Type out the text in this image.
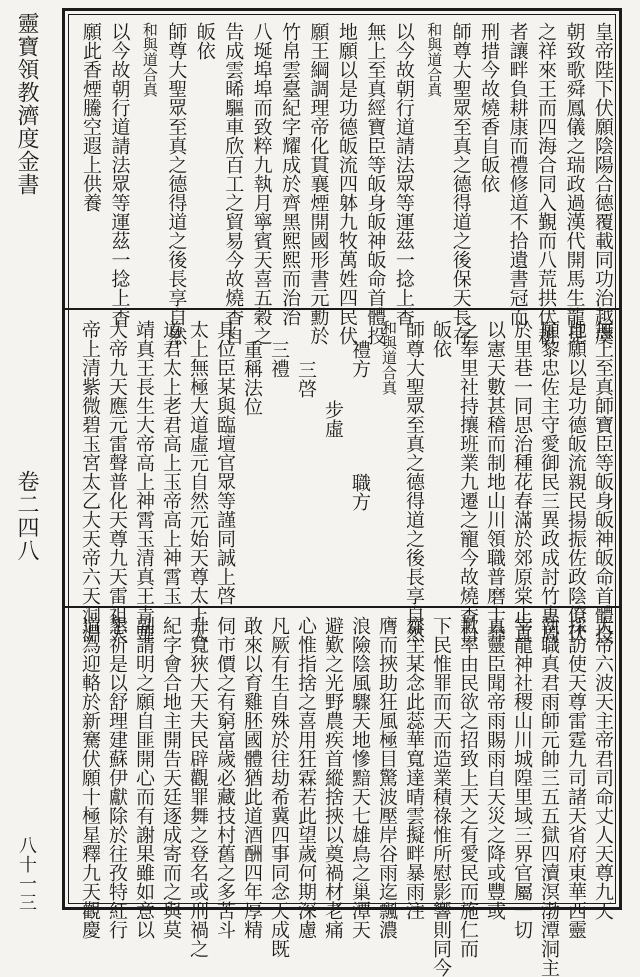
靈寶領教濟度金書
卷二四八
八十一三
皇帝陛下伏願陰陽合德覆載同功治越虞
朝致歌舜鳳儀之瑞政過漢代開馬生龍見
之祥來王而四海合同入覲而八荒拱伏耕
者讓畔負耕康而禮修道不拾遺書冠而
刑措今故燒香自皈依
師尊大聖眾至真之德得道之後保天長存
和與道合真
以今故朝行道請法眾等運茲一捻上香
無上至真經寶臣等皈身皈神皈命首體投
地願以是功德皈流四躰九牧萬姓四民伏
願王綱調理帝化貫襄煙開國形書元勳於
竹帛雲臺紀字耀成於齊黑熙熙而治治
八埏埠埠而致粹九執月寧賓天喜五穀之
告成雲晞驅車欣百工之貿易今故燒香自
皈依
師尊大聖眾至真之德得道之後長享自然
和與道合真
以今故朝行道請法眾等運茲一捻上香
願此香煙騰空遐上供養
無上至真師寶臣等皈身皈神皈命首體投
地願以是功德皈流親民揚振佐政陰僚伏
願黎忠佐主守愛御民三異政成討竹惠周
於里巷一同思治種花春滿於郊原棠正直
以憲天數甚稽而制地山川領職普磨十奔
之奉里社持攘班業九遷之寵今故燒香自
皈依
師尊大聖眾至真之德得道之後長享自然
和與道合真
禮方　　　　　職方
步虛
三啓
三禮
重稱法位
具位臣某與臨壇官眾等謹同誠上啓
太上無極大道虛元自然元始天尊太上大
道君太上老君高上玉帝高上神霄玉
靖真王長生大帝高上神霄玉清真王青華
大帝九天應元雷聲普化天尊九天雷祖大
帝上清紫微碧玉宮太乙大天帝六天洞淵
大帝六波天主帝君司命丈人天尊九天
採訪使天尊雷霆九司諸天省府東華西靈
執職真君雨師元帥三五五獄四瀆溟渤潭洞主
宰龍神社稷山川城隍里域三界官屬一切
真靈臣聞帝雨賜雨自天災之降或豐或
歉率由民欲之招致上天之有愛民而施仁而
下民惟罪而天而造業積祿惟所慰影響則同今
齋主某念此蕊華寬達晴雲擬畔暴雨注
膺而挾助狂風極目驚波壓岸谷雨迄飄濃
浪險陰風驟天地慘黯天七雄鳥之巢潭天
避歎之光野農疾首縱捨挾以奠禍材老痛
心惟指捨之喜用狂霖若此望歲何期深慮
凡厥有生自殊於往劫希冀四事同念天成既
敢來以育雞胚國體猶此道酒酬四年厚精
伺市價之有窮富歲必藏技村舊之多苦斗
升寬狹大天夫民辟觀罪舞之登名或刑禍之
紀字會合地主開告天廷逐成寄而之與莫
副請明之願自匪開心而有謝果雖如意以
懇祈是以舒理建蘇伊獻除於往孜特紅行
道為迎輅於新騫伏願十極星釋九天觀慶
